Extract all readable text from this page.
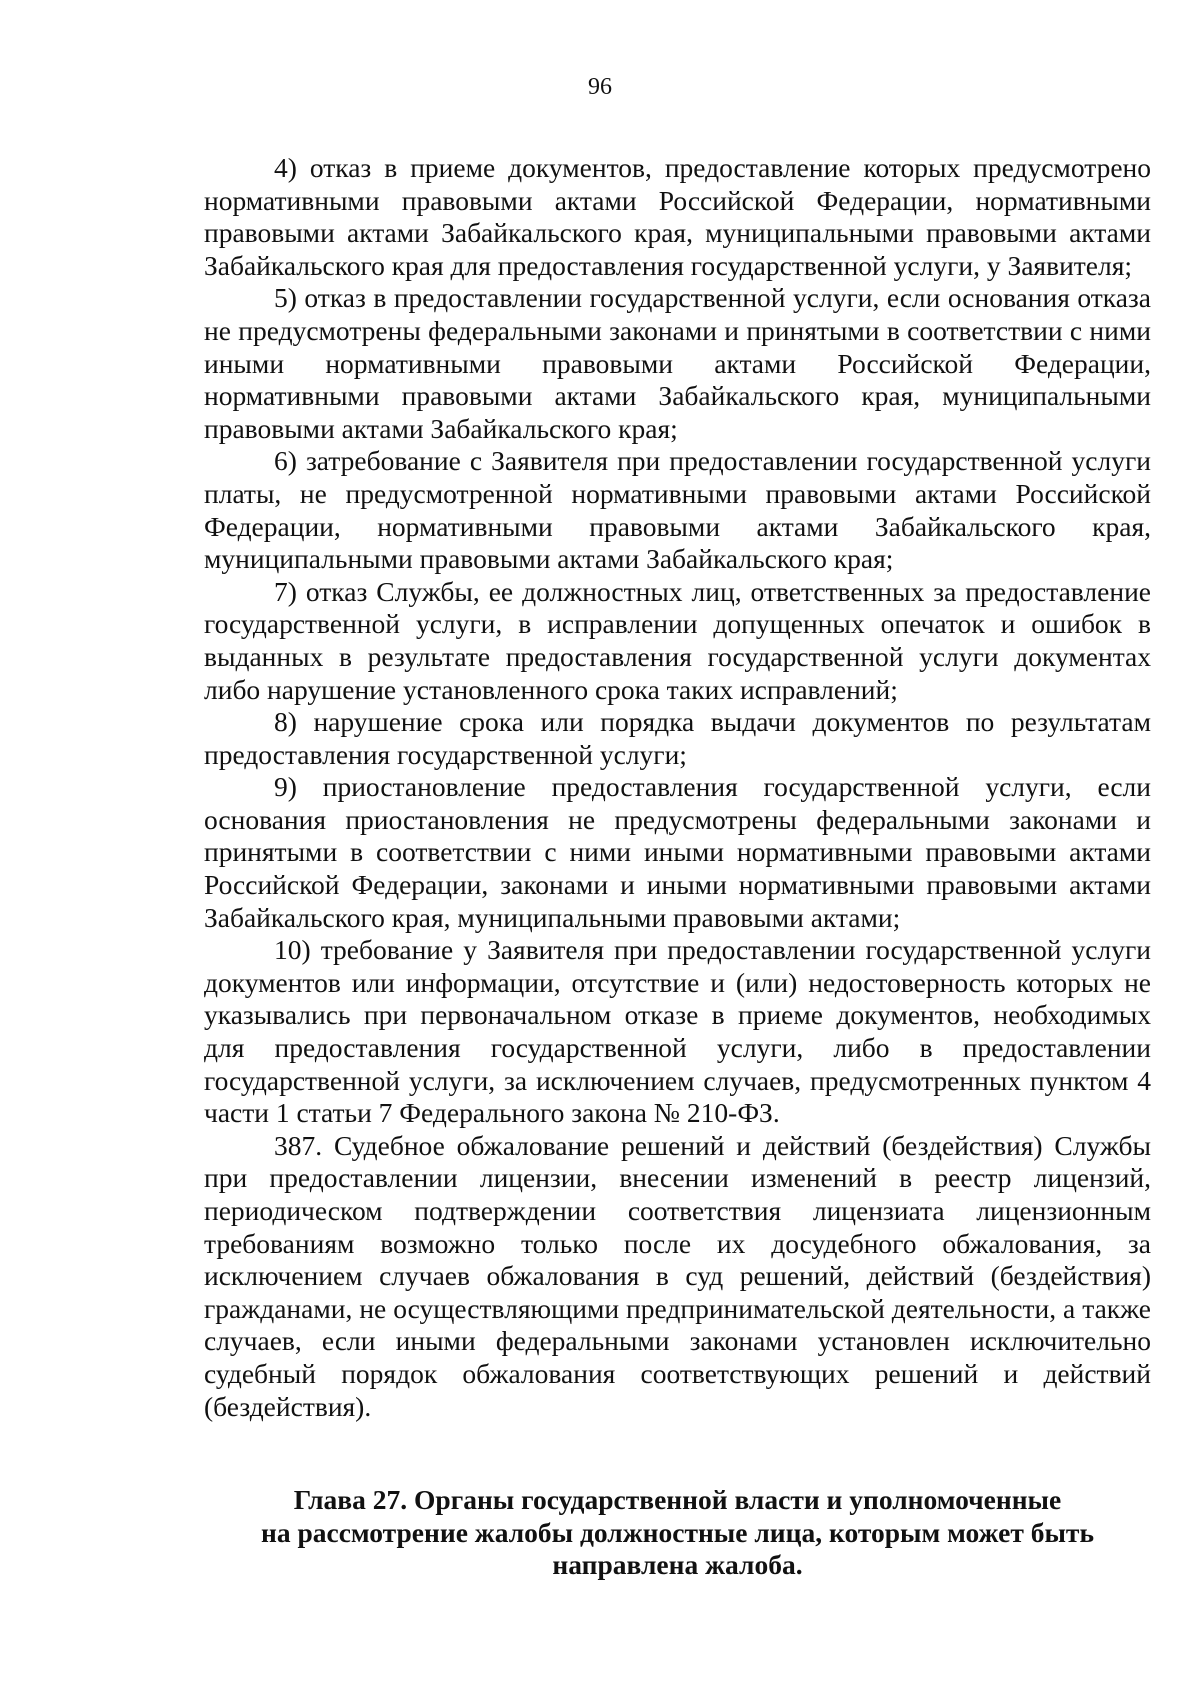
96

4) отказ в приеме документов, предоставление которых предусмотрено нормативными правовыми актами Российской Федерации, нормативными правовыми актами Забайкальского края, муниципальными правовыми актами Забайкальского края для предоставления государственной услуги, у Заявителя;

5) отказ в предоставлении государственной услуги, если основания отказа не предусмотрены федеральными законами и принятыми в соответствии с ними иными нормативными правовыми актами Российской Федерации, нормативными правовыми актами Забайкальского края, муниципальными правовыми актами Забайкальского края;

6) затребование с Заявителя при предоставлении государственной услуги платы, не предусмотренной нормативными правовыми актами Российской Федерации, нормативными правовыми актами Забайкальского края, муниципальными правовыми актами Забайкальского края;

7) отказ Службы, ее должностных лиц, ответственных за предоставление государственной услуги, в исправлении допущенных опечаток и ошибок в выданных в результате предоставления государственной услуги документах либо нарушение установленного срока таких исправлений;

8) нарушение срока или порядка выдачи документов по результатам предоставления государственной услуги;

9) приостановление предоставления государственной услуги, если основания приостановления не предусмотрены федеральными законами и принятыми в соответствии с ними иными нормативными правовыми актами Российской Федерации, законами и иными нормативными правовыми актами Забайкальского края, муниципальными правовыми актами;

10) требование у Заявителя при предоставлении государственной услуги документов или информации, отсутствие и (или) недостоверность которых не указывались при первоначальном отказе в приеме документов, необходимых для предоставления государственной услуги, либо в предоставлении государственной услуги, за исключением случаев, предусмотренных пунктом 4 части 1 статьи 7 Федерального закона № 210-ФЗ.

387. Судебное обжалование решений и действий (бездействия) Службы при предоставлении лицензии, внесении изменений в реестр лицензий, периодическом подтверждении соответствия лицензиата лицензионным требованиям возможно только после их досудебного обжалования, за исключением случаев обжалования в суд решений, действий (бездействия) гражданами, не осуществляющими предпринимательской деятельности, а также случаев, если иными федеральными законами установлен исключительно судебный порядок обжалования соответствующих решений и действий (бездействия).

Глава 27. Органы государственной власти и уполномоченные
на рассмотрение жалобы должностные лица, которым может быть
направлена жалоба.
